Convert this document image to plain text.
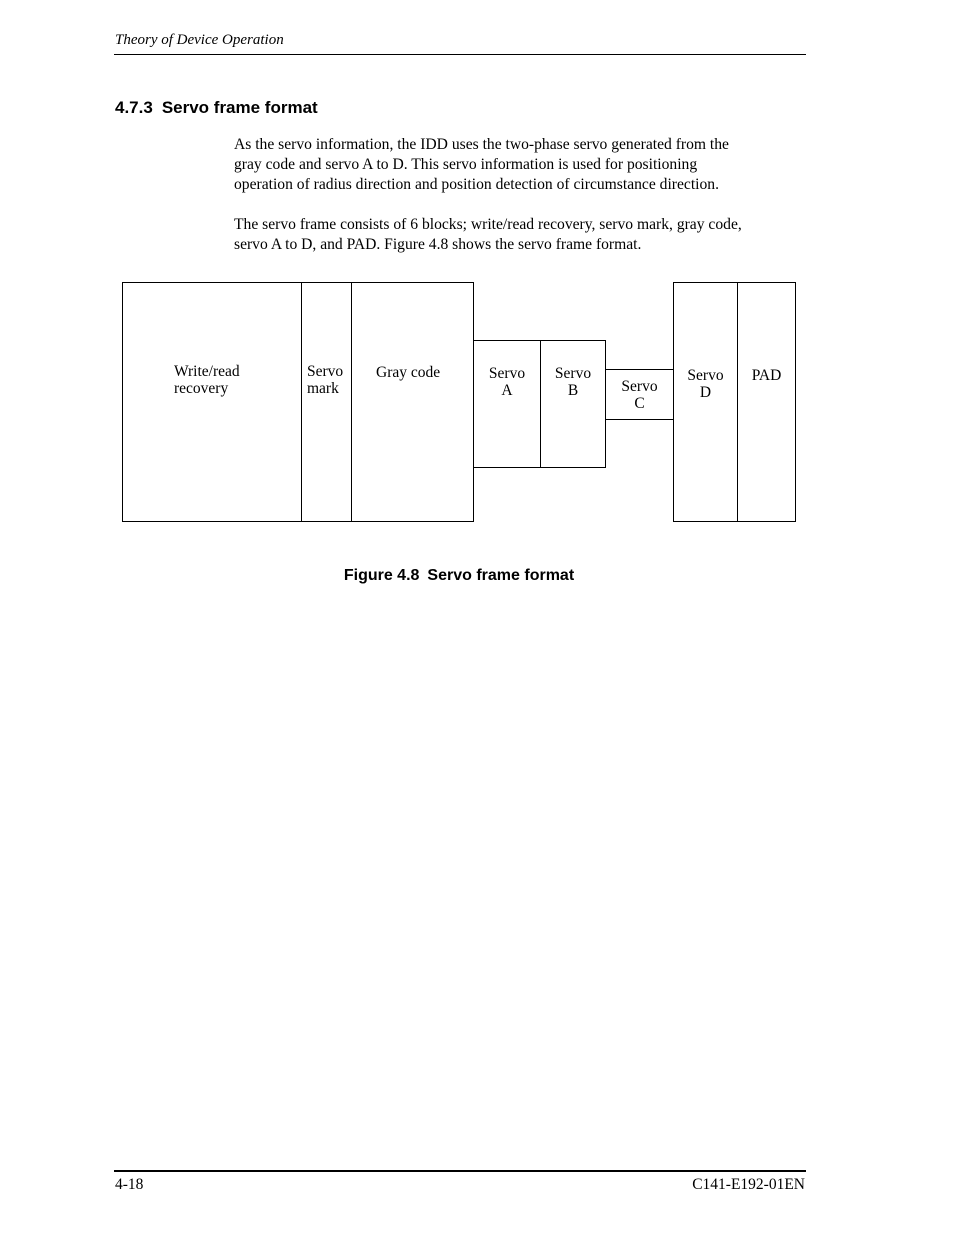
Theory of Device Operation
4.7.3 Servo frame format
As the servo information, the IDD uses the two-phase servo generated from the
gray code and servo A to D. This servo information is used for positioning
operation of radius direction and position detection of circumstance direction.
The servo frame consists of 6 blocks; write/read recovery, servo mark, gray code,
servo A to D, and PAD. Figure 4.8 shows the servo frame format.
Write/read
recovery
Servo
mark
Gray code	Servo
A
Servo
B	Servo
C
Servo
D
PAD
Figure 4.8 Servo frame format
4-18	C141-E192-01EN
